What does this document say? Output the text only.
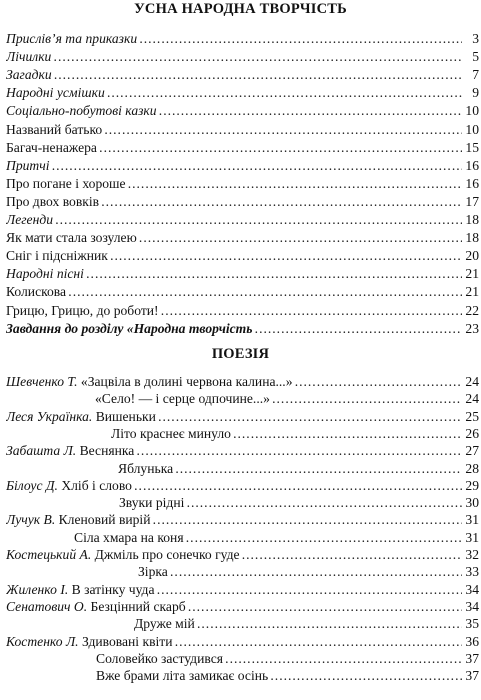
УСНА НАРОДНА ТВОРЧІСТЬ
Прислів’я та приказки . . .	3
Лічилки . . .	5
Загадки . . .	7
Народні усмішки . . .	9
Соціально-побутові казки . . .	10
Названий батько . . .	10
Багач-ненажера . . .	15
Притчі . . .	16
Про погане і хороше . . .	16
Про двох вовків . . .	17
Легенди . . .	18
Як мати стала зозулею . . .	18
Сніг і підсніжник . . .	20
Народні пісні . . .	21
Колискова . . .	21
Грицю, Грицю, до роботи! . . .	22
Завдання до розділу «Народна творчість . . .	23
ПОЕЗІЯ
Шевченко Т. «Зацвіла в долині червона калина...» . . .	24
«Село! — і серце одпочине...» . . .	24
Леся Українка. Вишеньки . . .	25
Літо краснеє минуло . . .	26
Забашта Л. Веснянка . . .	27
Яблунька . . .	28
Білоус Д. Хліб і слово . . .	29
Звуки рідні . . .	30
Лучук В. Кленовий вирій . . .	31
Сіла хмара на коня . . .	31
Костецький А. Джміль про сонечко гуде . . .	32
Зірка . . .	33
Жиленко І. В затінку чуда . . .	34
Сенатович О. Безцінний скарб . . .	34
Друже мій . . .	35
Костенко Л. Здивовані квіти . . .	36
Соловейко застудився . . .	37
Вже брами літа замикає осінь . . .	37
